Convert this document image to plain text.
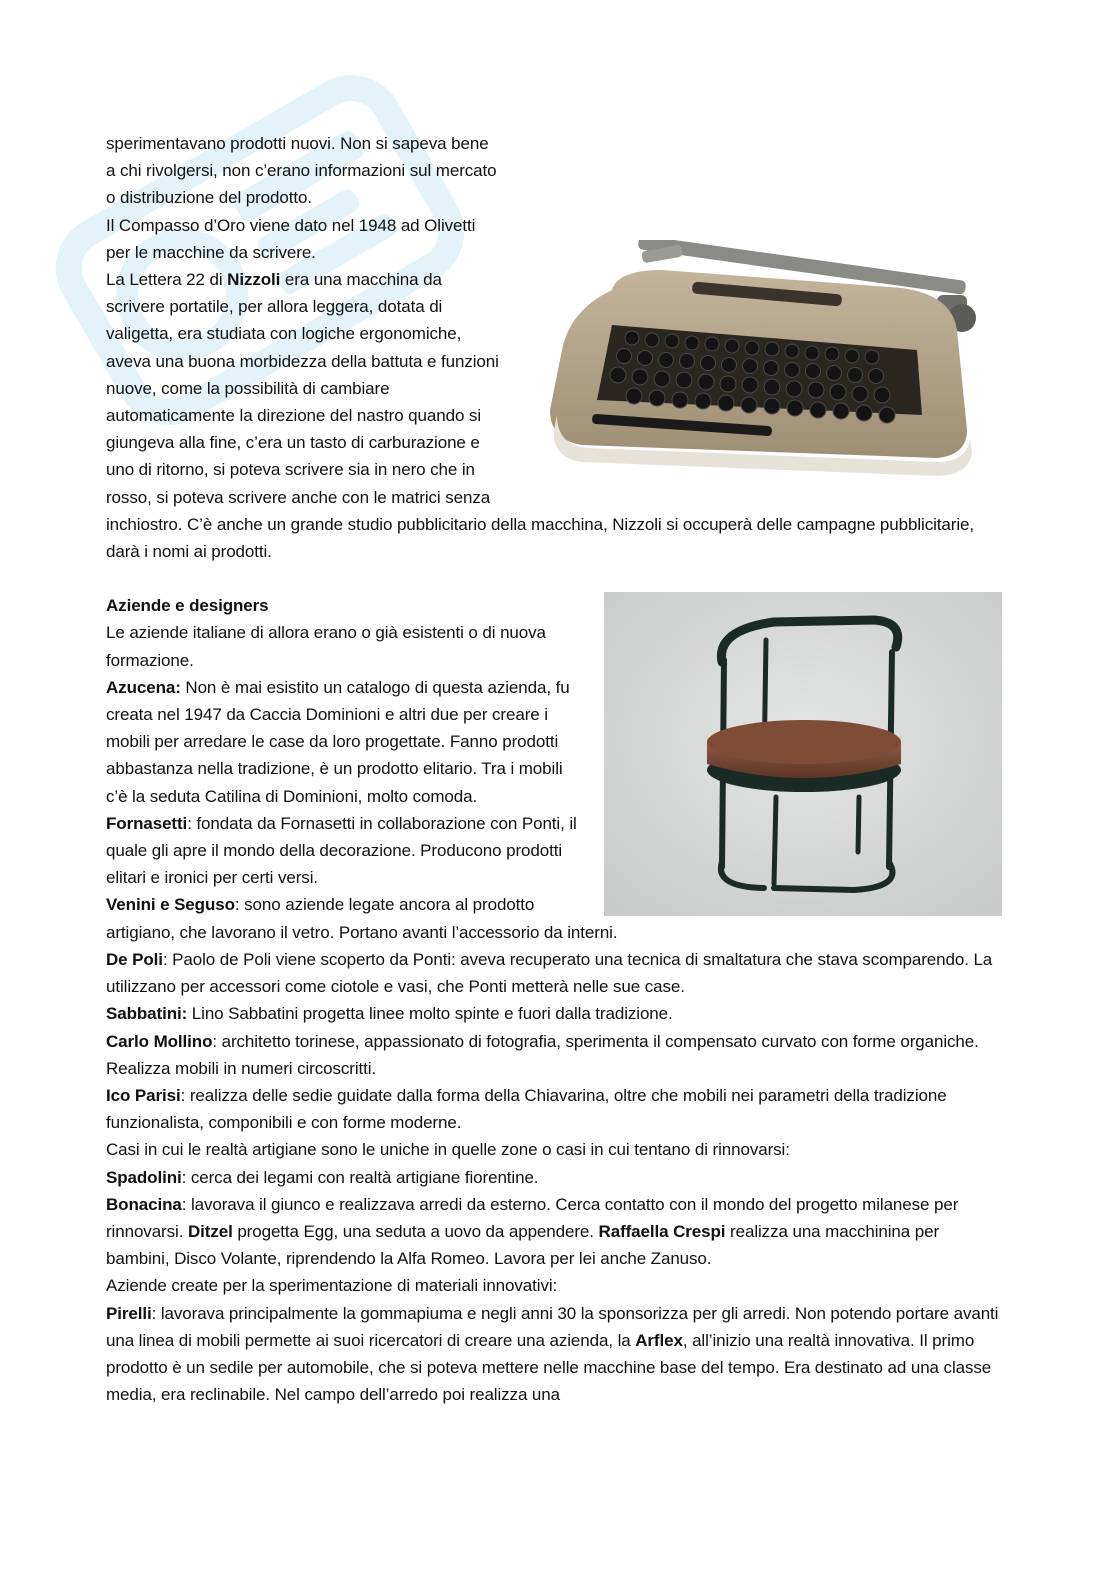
sperimentavano prodotti nuovi. Non si sapeva bene a chi rivolgersi, non c’erano informazioni sul mercato o distribuzione del prodotto.

Il Compasso d’Oro viene dato nel 1948 ad Olivetti per le macchine da scrivere.

La Lettera 22 di Nizzoli era una macchina da scrivere portatile, per allora leggera, dotata di valigetta, era studiata con logiche ergonomiche, aveva una buona morbidezza della battuta e funzioni nuove, come la possibilità di cambiare automaticamente la direzione del nastro quando si giungeva alla fine, c’era un tasto di carburazione e uno di ritorno, si poteva scrivere sia in nero che in rosso, si poteva scrivere anche con le matrici senza inchiostro. C’è anche un grande studio pubblicitario della macchina, Nizzoli si occuperà delle campagne pubblicitarie, darà i nomi ai prodotti.

Aziende e designers

Le aziende italiane di allora erano o già esistenti o di nuova formazione.

Azucena: Non è mai esistito un catalogo di questa azienda, fu creata nel 1947 da Caccia Dominioni e altri due per creare i mobili per arredare le case da loro progettate. Fanno prodotti abbastanza nella tradizione, è un prodotto elitario. Tra i mobili c’è la seduta Catilina di Dominioni, molto comoda.

Fornasetti: fondata da Fornasetti in collaborazione con Ponti, il quale gli apre il mondo della decorazione. Producono prodotti elitari e ironici per certi versi.

Venini e Seguso: sono aziende legate ancora al prodotto artigiano, che lavorano il vetro. Portano avanti l’accessorio da interni.

De Poli: Paolo de Poli viene scoperto da Ponti: aveva recuperato una tecnica di smaltatura che stava scomparendo. La utilizzano per accessori come ciotole e vasi, che Ponti metterà nelle sue case.

Sabbatini: Lino Sabbatini progetta linee molto spinte e fuori dalla tradizione.

Carlo Mollino: architetto torinese, appassionato di fotografia, sperimenta il compensato curvato con forme organiche. Realizza mobili in numeri circoscritti.

Ico Parisi: realizza delle sedie guidate dalla forma della Chiavarina, oltre che mobili nei parametri della tradizione funzionalista, componibili e con forme moderne.

Casi in cui le realtà artigiane sono le uniche in quelle zone o casi in cui tentano di rinnovarsi:

Spadolini: cerca dei legami con realtà artigiane fiorentine.

Bonacina: lavorava il giunco e realizzava arredi da esterno. Cerca contatto con il mondo del progetto milanese per rinnovarsi. Ditzel progetta Egg, una seduta a uovo da appendere. Raffaella Crespi realizza una macchinina per bambini, Disco Volante, riprendendo la Alfa Romeo. Lavora per lei anche Zanuso.

Aziende create per la sperimentazione di materiali innovativi:

Pirelli: lavorava principalmente la gommapiuma e negli anni 30 la sponsorizza per gli arredi. Non potendo portare avanti una linea di mobili permette ai suoi ricercatori di creare una azienda, la Arflex, all’inizio una realtà innovativa. Il primo prodotto è un sedile per automobile, che si poteva mettere nelle macchine base del tempo. Era destinato ad una classe media, era reclinabile. Nel campo dell’arredo poi realizza una
